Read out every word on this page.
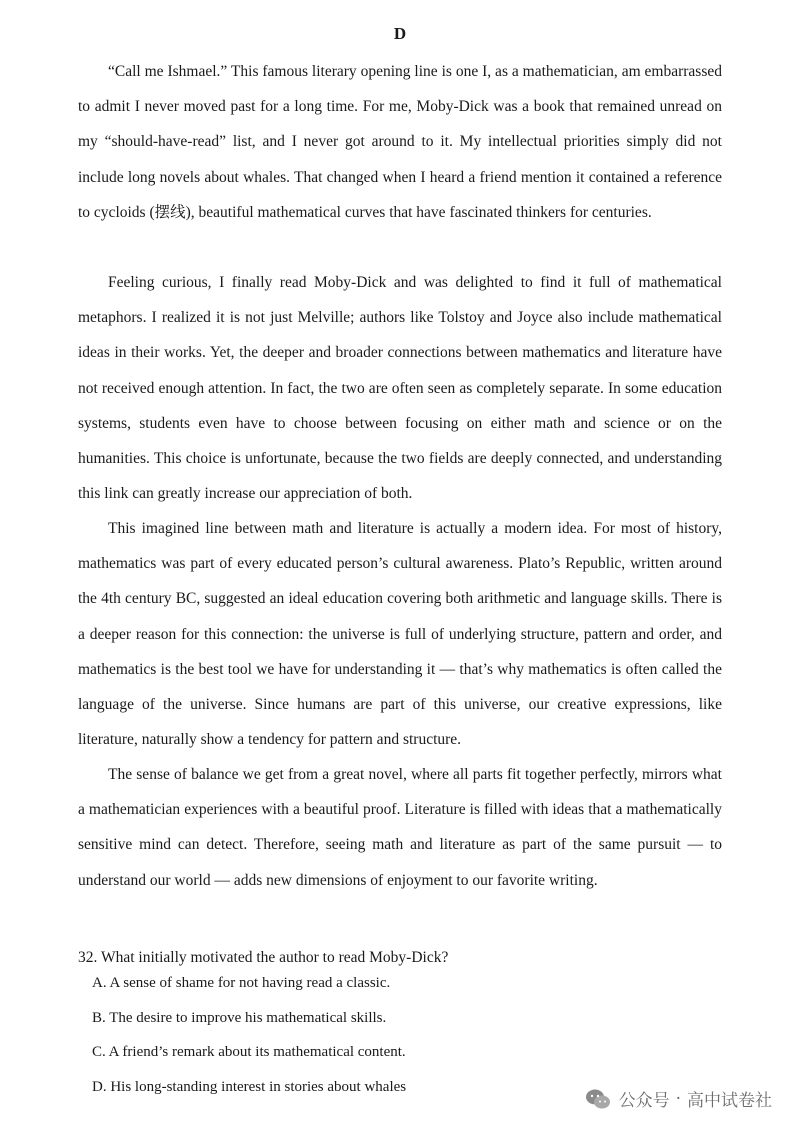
D

“Call me Ishmael.” This famous literary opening line is one I, as a mathematician, am embarrassed to admit I never moved past for a long time. For me, Moby-Dick was a book that remained unread on my “should-have-read” list, and I never got around to it. My intellectual priorities simply did not include long novels about whales. That changed when I heard a friend mention it contained a reference to cycloids (摆线), beautiful mathematical curves that have fascinated thinkers for centuries.

Feeling curious, I finally read Moby-Dick and was delighted to find it full of mathematical metaphors. I realized it is not just Melville; authors like Tolstoy and Joyce also include mathematical ideas in their works. Yet, the deeper and broader connections between mathematics and literature have not received enough attention. In fact, the two are often seen as completely separate. In some education systems, students even have to choose between focusing on either math and science or on the humanities. This choice is unfortunate, because the two fields are deeply connected, and understanding this link can greatly increase our appreciation of both.

This imagined line between math and literature is actually a modern idea. For most of history, mathematics was part of every educated person’s cultural awareness. Plato’s Republic, written around the 4th century BC, suggested an ideal education covering both arithmetic and language skills. There is a deeper reason for this connection: the universe is full of underlying structure, pattern and order, and mathematics is the best tool we have for understanding it — that’s why mathematics is often called the language of the universe. Since humans are part of this universe, our creative expressions, like literature, naturally show a tendency for pattern and structure.

The sense of balance we get from a great novel, where all parts fit together perfectly, mirrors what a mathematician experiences with a beautiful proof. Literature is filled with ideas that a mathematically sensitive mind can detect. Therefore, seeing math and literature as part of the same pursuit — to understand our world — adds new dimensions of enjoyment to our favorite writing.

32. What initially motivated the author to read Moby-Dick?
A. A sense of shame for not having read a classic.
B. The desire to improve his mathematical skills.
C. A friend’s remark about its mathematical content.
D. His long-standing interest in stories about whales
公众号 · 高中试卷社
